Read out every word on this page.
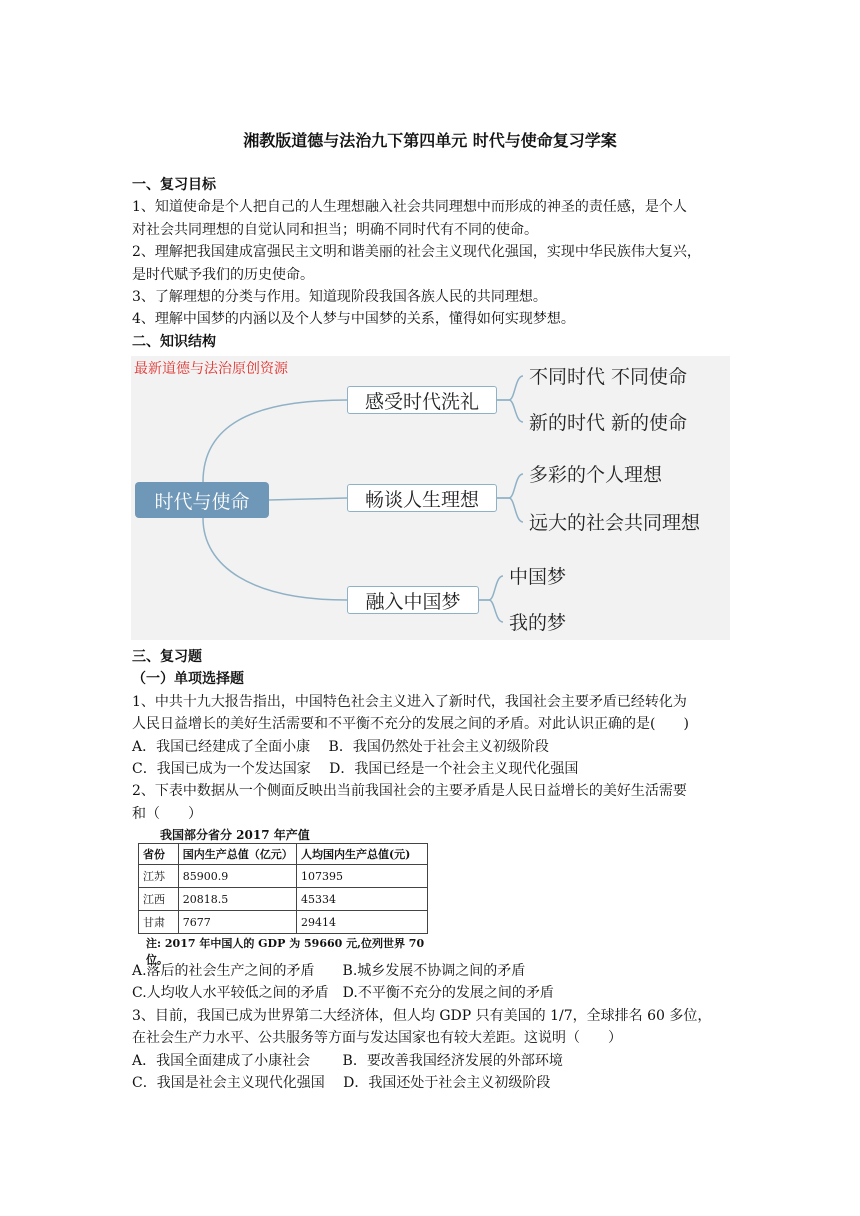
湘教版道德与法治九下第四单元 时代与使命复习学案

一、复习目标

1、知道使命是个人把自己的人生理想融入社会共同理想中而形成的神圣的责任感，是个人

对社会共同理想的自觉认同和担当；明确不同时代有不同的使命。

2、理解把我国建成富强民主文明和谐美丽的社会主义现代化强国，实现中华民族伟大复兴，

是时代赋予我们的历史使命。

3、了解理想的分类与作用。知道现阶段我国各族人民的共同理想。

4、理解中国梦的内涵以及个人梦与中国梦的关系，懂得如何实现梦想。

二、知识结构

最新道德与法治原创资源
时代与使命
感受时代洗礼
畅谈人生理想
融入中国梦
不同时代 不同使命
新的时代 新的使命
多彩的个人理想
远大的社会共同理想
中国梦
我的梦

三、复习题

（一）单项选择题

1、中共十九大报告指出，中国特色社会主义进入了新时代，我国社会主要矛盾已经转化为

人民日益增长的美好生活需要和不平衡不充分的发展之间的矛盾。对此认识正确的是(　　)

A．我国已经建成了全面小康　 B．我国仍然处于社会主义初级阶段

C．我国已成为一个发达国家　 D．我国已经是一个社会主义现代化强国

2、下表中数据从一个侧面反映出当前我国社会的主要矛盾是人民日益增长的美好生活需要

和（　　）

我国部分省分 2017 年产值
省份	国内生产总值（亿元）	人均国内生产总值(元)
江苏	85900.9	107395
江西	20818.5	45334
甘肃	7677	29414
注: 2017 年中国人的 GDP 为 59660 元,位列世界 70 位。

A.落后的社会生产之间的矛盾　　B.城乡发展不协调之间的矛盾

C.人均收人水平较低之间的矛盾　D.不平衡不充分的发展之间的矛盾

3、目前，我国已成为世界第二大经济体，但人均 GDP 只有美国的 1/7，全球排名 60 多位，

在社会生产力水平、公共服务等方面与发达国家也有较大差距。这说明（　　）

A．我国全面建成了小康社会　　 B．要改善我国经济发展的外部环境

C．我国是社会主义现代化强国　 D．我国还处于社会主义初级阶段
